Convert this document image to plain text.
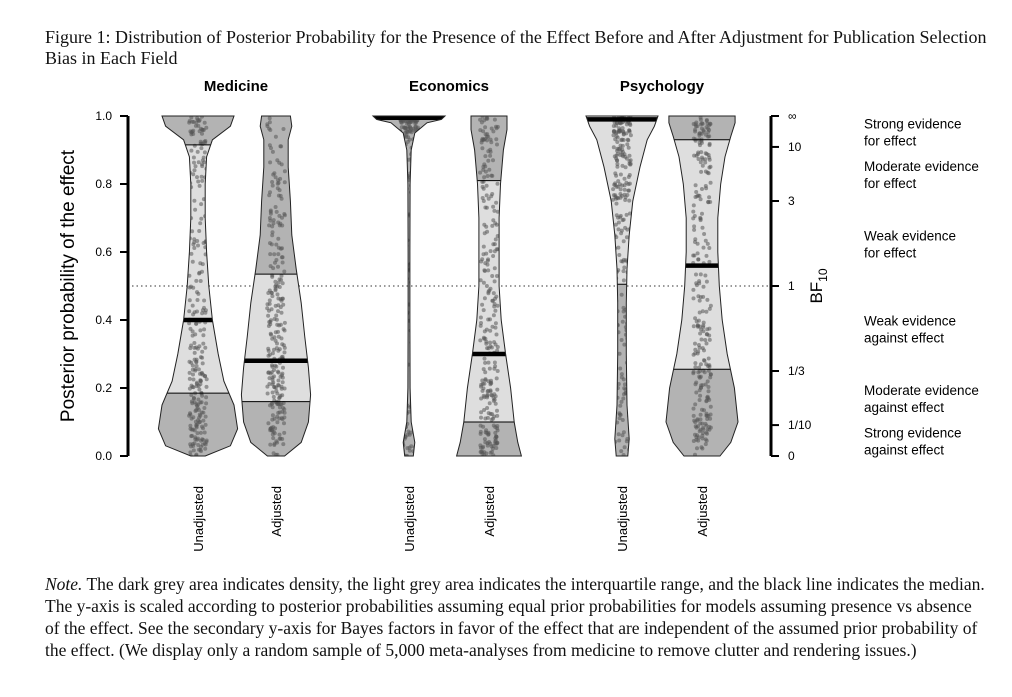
Figure 1: Distribution of Posterior Probability for the Presence of the Effect Before and After Adjustment for Publication Selection Bias in Each Field
0.0
0.2
0.4
0.6
0.8
1.0
0
1/10
1/3
1
3
10
∞
Strong evidence
for effect
Moderate evidence
for effect
Weak evidence
for effect
Weak evidence
against effect
Moderate evidence
against effect
Strong evidence
against effect
Medicine
Unadjusted	Adjusted
Economics
Unadjusted	Adjusted
Psychology
Unadjusted	Adjusted
Posterior probability of the effect	$BF_{10}$
Note. The dark grey area indicates density, the light grey area indicates the interquartile range, and the black line indicates the median. The y-axis is scaled according to posterior probabilities assuming equal prior probabilities for models assuming presence vs absence of the effect. See the secondary y-axis for Bayes factors in favor of the effect that are independent of the assumed prior probability of the effect. (We display only a random sample of 5,000 meta-analyses from medicine to remove clutter and rendering issues.)
